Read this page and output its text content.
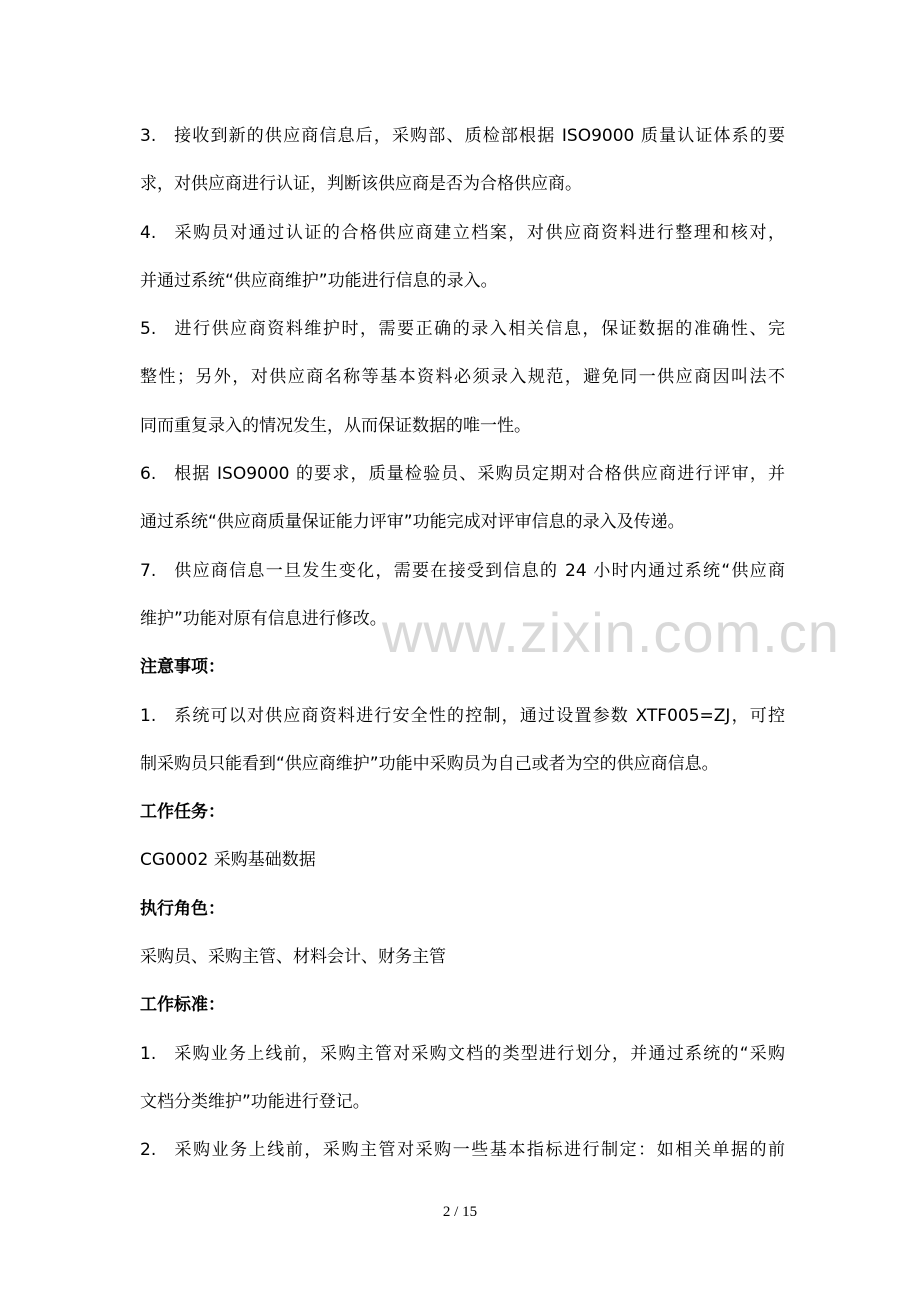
3. 接收到新的供应商信息后，采购部、质检部根据 ISO9000 质量认证体系的要
求，对供应商进行认证，判断该供应商是否为合格供应商。
4. 采购员对通过认证的合格供应商建立档案，对供应商资料进行整理和核对，
并通过系统“供应商维护”功能进行信息的录入。
5. 进行供应商资料维护时，需要正确的录入相关信息，保证数据的准确性、完
整性；另外，对供应商名称等基本资料必须录入规范，避免同一供应商因叫法不
同而重复录入的情况发生，从而保证数据的唯一性。
6. 根据 ISO9000 的要求，质量检验员、采购员定期对合格供应商进行评审，并
通过系统“供应商质量保证能力评审”功能完成对评审信息的录入及传递。
7. 供应商信息一旦发生变化，需要在接受到信息的 24 小时内通过系统“供应商
维护”功能对原有信息进行修改。
注意事项：
1. 系统可以对供应商资料进行安全性的控制，通过设置参数 XTF005=ZJ，可控
制采购员只能看到“供应商维护”功能中采购员为自己或者为空的供应商信息。
工作任务：
CG0002 采购基础数据
执行角色：
采购员、采购主管、材料会计、财务主管
工作标准：
1. 采购业务上线前，采购主管对采购文档的类型进行划分，并通过系统的“采购
文档分类维护”功能进行登记。
2. 采购业务上线前，采购主管对采购一些基本指标进行制定：如相关单据的前
www.zixin.com.cn
2 / 15
